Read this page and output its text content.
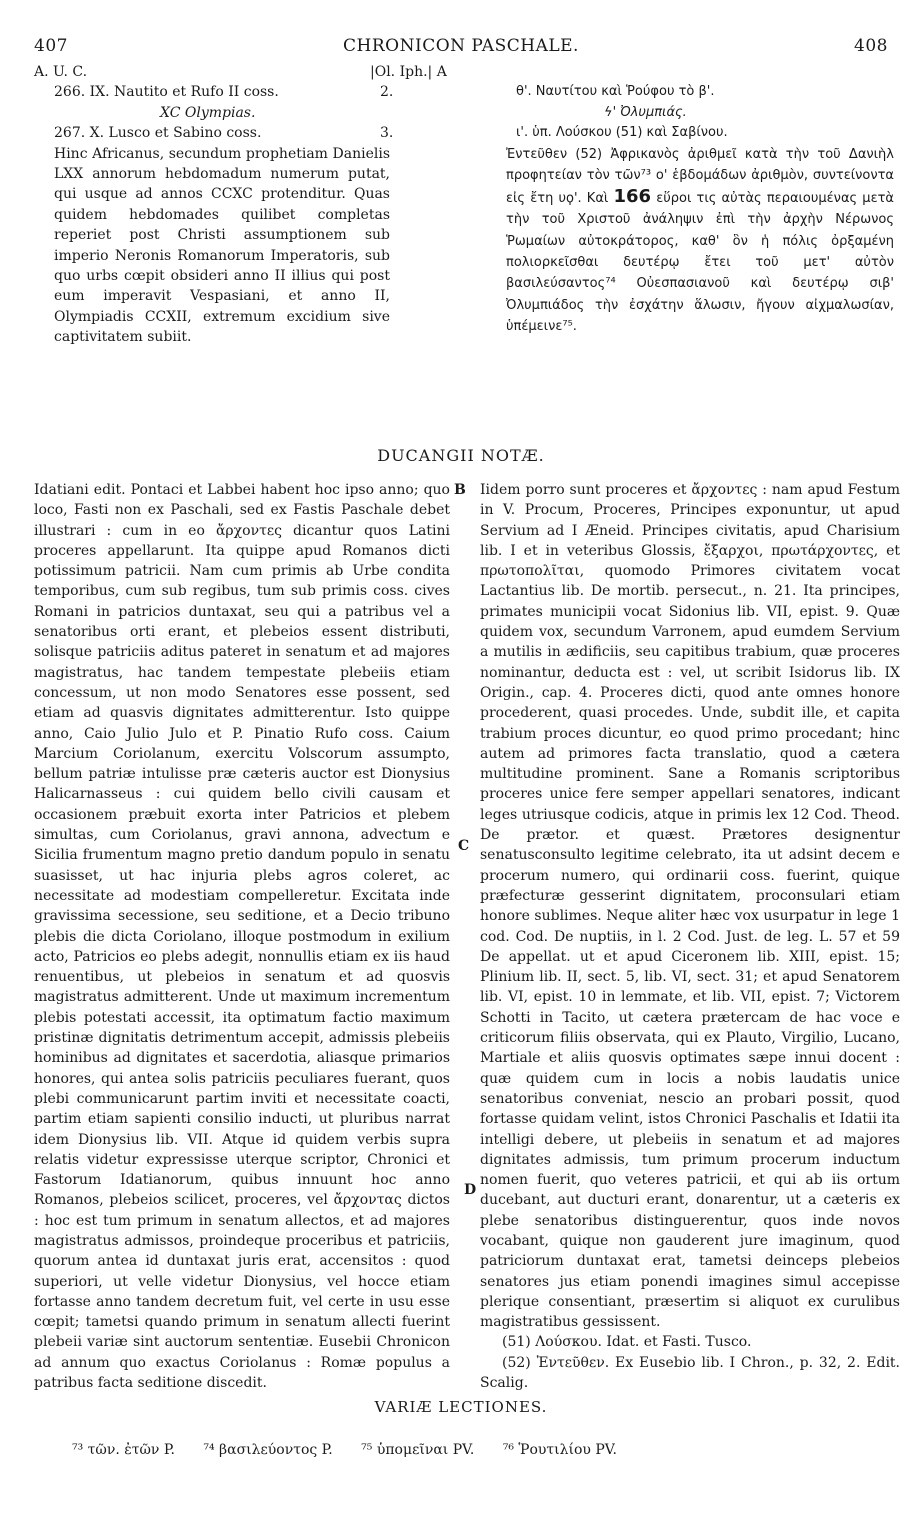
407	CHRONICON PASCHALE.	408
A. U. C.	|Ol. Iph.| A
266. IX. Nautito et Rufo II coss.	2.	θ'. Ναυτίτου καὶ Ῥούφου τὸ β'.
XC Olympias.	ϟ' Ὀλυμπιάς.
267. X. Lusco et Sabino coss.	3.	ι'. ὑπ. Λούσκου (51) καὶ Σαβίνου.

Hinc Africanus, secundum prophetiam Danielis LXX annorum hebdomadum numerum putat, qui usque ad annos CCXC protenditur. Quas quidem hebdomades quilibet completas reperiet post Christi assumptionem sub imperio Neronis Romanorum Imperatoris, sub quo urbs cœpit obsideri anno II illius qui post eum imperavit Vespasiani, et anno II, Olympiadis CCXII, extremum excidium sive captivitatem subiit.

Ἐντεῦθεν (52) Ἀφρικανὸς ἀριθμεῖ κατὰ τὴν τοῦ Δανιὴλ προφητείαν τὸν τῶν⁷³ ο' ἑβδομάδων ἀριθμὸν, συντείνοντα εἰς ἔτη υϙ'. Καὶ 166 εὕροι τις αὐτὰς περαιουμένας μετὰ τὴν τοῦ Χριστοῦ ἀνάληψιν ἐπὶ τὴν ἀρχὴν Νέρωνος Ῥωμαίων αὐτοκράτορος, καθ' ὃν ἡ πόλις ὀρξαμένη πολιορκεῖσθαι δευτέρῳ ἔτει τοῦ μετ' αὐτὸν βασιλεύσαντος⁷⁴ Οὐεσπασιανοῦ καὶ δευτέρῳ σιβ' Ὀλυμπιάδος τὴν ἐσχάτην ἅλωσιν, ἤγουν αἰχμαλωσίαν, ὑπέμεινε⁷⁵.

DUCANGII NOTÆ.

Idatiani edit. Pontaci et Labbei habent hoc ipso anno; quo loco, Fasti non ex Paschali, sed ex Fastis Paschale debet illustrari : cum in eo ἄρχοντες dicantur quos Latini proceres appellarunt. Ita quippe apud Romanos dicti potissimum patricii. Nam cum primis ab Urbe condita temporibus, cum sub regibus, tum sub primis coss. cives Romani in patricios duntaxat, seu qui a patribus vel a senatoribus orti erant, et plebeios essent distributi, solisque patriciis aditus pateret in senatum et ad majores magistratus, hac tandem tempestate plebeiis etiam concessum, ut non modo Senatores esse possent, sed etiam ad quasvis dignitates admitterentur. Isto quippe anno, Caio Julio Julo et P. Pinatio Rufo coss. Caium Marcium Coriolanum, exercitu Volscorum assumpto, bellum patriæ intulisse præ cæteris auctor est Dionysius Halicarnasseus : cui quidem bello civili causam et occasionem præbuit exorta inter Patricios et plebem simultas, cum Coriolanus, gravi annona, advectum e Sicilia frumentum magno pretio dandum populo in senatu suasisset, ut hac injuria plebs agros coleret, ac necessitate ad modestiam compelleretur. Excitata inde gravissima secessione, seu seditione, et a Decio tribuno plebis die dicta Coriolano, illoque postmodum in exilium acto, Patricios eo plebs adegit, nonnullis etiam ex iis haud renuentibus, ut plebeios in senatum et ad quosvis magistratus admitterent. Unde ut maximum incrementum plebis potestati accessit, ita optimatum factio maximum pristinæ dignitatis detrimentum accepit, admissis plebeiis hominibus ad dignitates et sacerdotia, aliasque primarios honores, qui antea solis patriciis peculiares fuerant, quos plebi communicarunt partim inviti et necessitate coacti, partim etiam sapienti consilio inducti, ut pluribus narrat idem Dionysius lib. VII. Atque id quidem verbis supra relatis videtur expressisse uterque scriptor, Chronici et Fastorum Idatianorum, quibus innuunt hoc anno Romanos, plebeios scilicet, proceres, vel ἄρχοντας dictos : hoc est tum primum in senatum allectos, et ad majores magistratus admissos, proindeque proceribus et patriciis, quorum antea id duntaxat juris erat, accensitos : quod superiori, ut velle videtur Dionysius, vel hocce etiam fortasse anno tandem decretum fuit, vel certe in usu esse cœpit; tametsi quando primum in senatum allecti fuerint plebeii variæ sint auctorum sententiæ. Eusebii Chronicon ad annum quo exactus Coriolanus : Romæ populus a patribus facta seditione discedit.

B
C
D

Iidem porro sunt proceres et ἄρχοντες : nam apud Festum in V. Procum, Proceres, Principes exponuntur, ut apud Servium ad I Æneid. Principes civitatis, apud Charisium lib. I et in veteribus Glossis, ἔξαρχοι, πρωτάρχοντες, et πρωτοπολῖται, quomodo Primores civitatem vocat Lactantius lib. De mortib. persecut., n. 21. Ita principes, primates municipii vocat Sidonius lib. VII, epist. 9. Quæ quidem vox, secundum Varronem, apud eumdem Servium a mutilis in ædificiis, seu capitibus trabium, quæ proceres nominantur, deducta est : vel, ut scribit Isidorus lib. IX Origin., cap. 4. Proceres dicti, quod ante omnes honore procederent, quasi procedes. Unde, subdit ille, et capita trabium proces dicuntur, eo quod primo procedant; hinc autem ad primores facta translatio, quod a cætera multitudine prominent. Sane a Romanis scriptoribus proceres unice fere semper appellari senatores, indicant leges utriusque codicis, atque in primis lex 12 Cod. Theod. De prætor. et quæst. Prætores designentur senatusconsulto legitime celebrato, ita ut adsint decem e procerum numero, qui ordinarii coss. fuerint, quique præfecturæ gesserint dignitatem, proconsulari etiam honore sublimes. Neque aliter hæc vox usurpatur in lege 1 cod. Cod. De nuptiis, in l. 2 Cod. Just. de leg. L. 57 et 59 De appellat. ut et apud Ciceronem lib. XIII, epist. 15; Plinium lib. II, sect. 5, lib. VI, sect. 31; et apud Senatorem lib. VI, epist. 10 in lemmate, et lib. VII, epist. 7; Victorem Schotti in Tacito, ut cætera prætercam de hac voce e criticorum filiis observata, qui ex Plauto, Virgilio, Lucano, Martiale et aliis quosvis optimates sæpe innui docent : quæ quidem cum in locis a nobis laudatis unice senatoribus conveniat, nescio an probari possit, quod fortasse quidam velint, istos Chronici Paschalis et Idatii ita intelligi debere, ut plebeiis in senatum et ad majores dignitates admissis, tum primum procerum inductum nomen fuerit, quo veteres patricii, et qui ab iis ortum ducebant, aut ducturi erant, donarentur, ut a cæteris ex plebe senatoribus distinguerentur, quos inde novos vocabant, quique non gauderent jure imaginum, quod patriciorum duntaxat erat, tametsi deinceps plebeios senatores jus etiam ponendi imagines simul accepisse plerique consentiant, præsertim si aliquot ex curulibus magistratibus gessissent.

(51) Λούσκου. Idat. et Fasti. Tusco.

(52) Ἐντεῦθεν. Ex Eusebio lib. I Chron., p. 32, 2. Edit. Scalig.

VARIÆ LECTIONES.
⁷³ τῶν. ἐτῶν P. ⁷⁴ βασιλεύοντος P. ⁷⁵ ὑπομεῖναι PV. ⁷⁶ Ῥουτιλίου PV.
